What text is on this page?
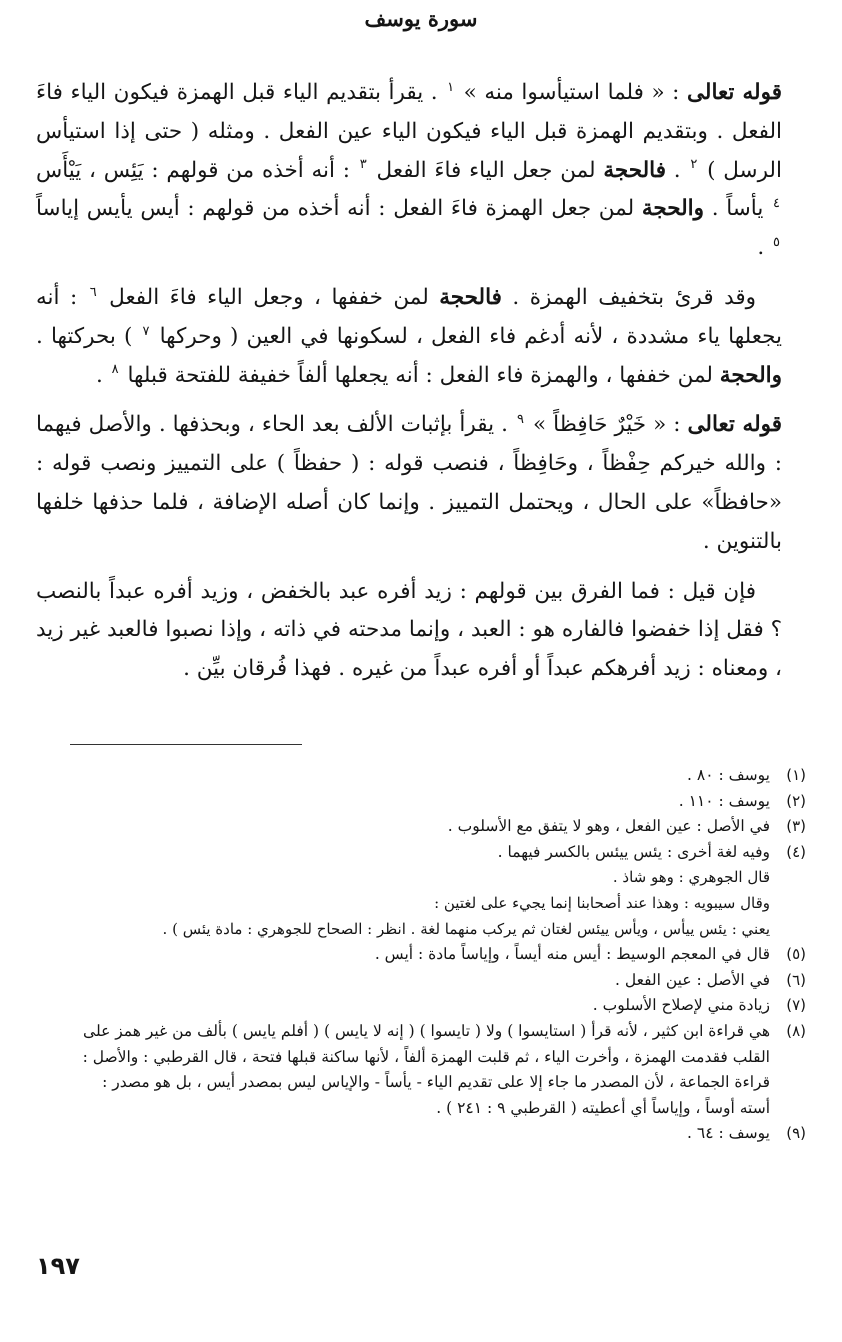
سورة يوسف

قوله تعالى : « فلما استيأسوا منه » $^١$ . يقرأ بتقديم الياء قبل الهمزة فيكون الياء فاءَ الفعل . وبتقديم الهمزة قبل الياء فيكون الياء عين الفعل . ومثله ( حتى إذا استيأس الرسل ) $^٢$ . فالحجة لمن جعل الياء فاءَ الفعل $^٣$ : أنه أخذه من قولهم : يَئِس ، يَيْأَس $^٤$ يأساً . والحجة لمن جعل الهمزة فاءَ الفعل : أنه أخذه من قولهم : أيس يأيس إياساً $^٥$ .

وقد قرئ بتخفيف الهمزة . فالحجة لمن خففها ، وجعل الياء فاءَ الفعل $^٦$ : أنه يجعلها ياء مشددة ، لأنه أدغم فاء الفعل ، لسكونها في العين ( وحركها $^٧$ ) بحركتها . والحجة لمن خففها ، والهمزة فاء الفعل : أنه يجعلها ألفاً خفيفة للفتحة قبلها $^٨$ .

قوله تعالى : « خَيْرٌ حَافِظاً » $^٩$ . يقرأ بإثبات الألف بعد الحاء ، وبحذفها . والأصل فيهما : والله خيركم حِفْظاً ، وحَافِظاً ، فنصب قوله : ( حفظاً ) على التمييز ونصب قوله : «حافظاً» على الحال ، ويحتمل التمييز . وإنما كان أصله الإضافة ، فلما حذفها خلفها بالتنوين .

فإن قيل : فما الفرق بين قولهم : زيد أفره عبد بالخفض ، وزيد أفره عبداً بالنصب ؟ فقل إذا خفضوا فالفاره هو : العبد ، وإنما مدحته في ذاته ، وإذا نصبوا فالعبد غير زيد ، ومعناه : زيد أفرهكم عبداً أو أفره عبداً من غيره . فهذا فُرقان بيِّن .

(١)
يوسف : ٨٠ .
(٢)
يوسف : ١١٠ .
(٣)
في الأصل : عين الفعل ، وهو لا يتفق مع الأسلوب .
(٤)
وفيه لغة أخرى : يئس ييئس بالكسر فيهما .
قال الجوهري : وهو شاذ .
وقال سيبويه : وهذا عند أصحابنا إنما يجيء على لغتين :
يعني : يئس ييأس ، ويأس ييئس لغتان ثم يركب منهما لغة . انظر : الصحاح للجوهري : مادة يئس ) .
(٥)
قال في المعجم الوسيط : أيس منه أيساً ، وإياساً مادة : أيس .
(٦)
في الأصل : عين الفعل .
(٧)
زيادة مني لإصلاح الأسلوب .
(٨)
هي قراءة ابن كثير ، لأنه قرأ ( استايسوا ) ولا ( تايسوا ) ( إنه لا يايس ) ( أفلم يايس ) بألف من غير همز على
القلب فقدمت الهمزة ، وأخرت الياء ، ثم قلبت الهمزة ألفاً ، لأنها ساكنة قبلها فتحة ، قال القرطبي : والأصل :
قراءة الجماعة ، لأن المصدر ما جاء إلا على تقديم الياء - يأساً - والإياس ليس بمصدر أيس ، بل هو مصدر :
أسته أوساً ، وإياساً أي أعطيته ( القرطبي ٩ : ٢٤١ ) .
(٩)
يوسف : ٦٤ .
١٩٧
